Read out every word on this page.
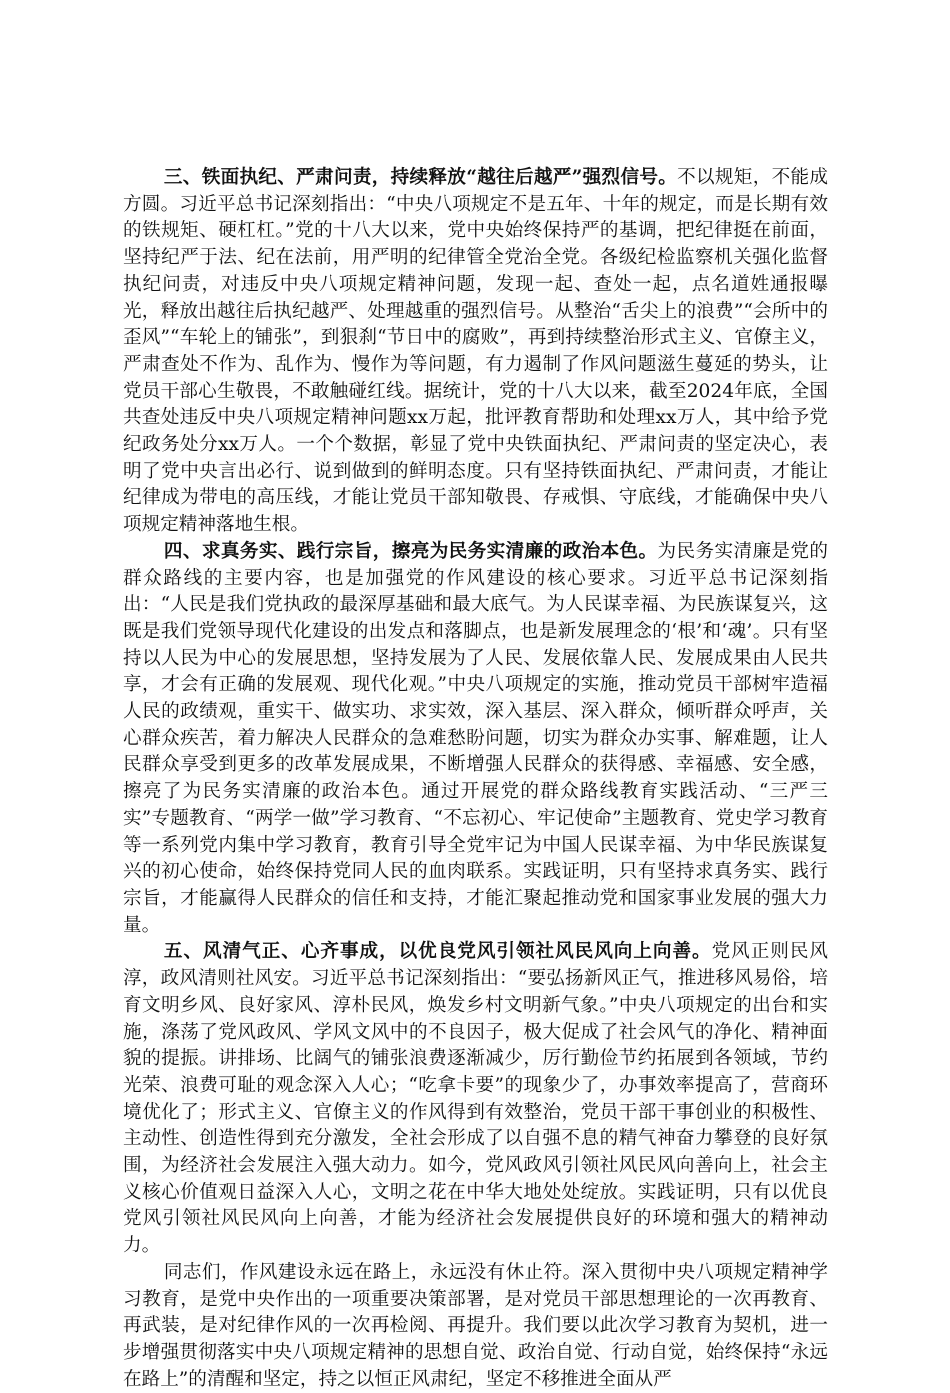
三、铁面执纪、严肃问责，持续释放“越往后越严”强烈信号。不以规矩，不能成方圆。习近平总书记深刻指出：“中央八项规定不是五年、十年的规定，而是长期有效的铁规矩、硬杠杠。”党的十八大以来，党中央始终保持严的基调，把纪律挺在前面，坚持纪严于法、纪在法前，用严明的纪律管全党治全党。各级纪检监察机关强化监督执纪问责，对违反中央八项规定精神问题，发现一起、查处一起，点名道姓通报曝光，释放出越往后执纪越严、处理越重的强烈信号。从整治“舌尖上的浪费”“会所中的歪风”“车轮上的铺张”，到狠刹“节日中的腐败”，再到持续整治形式主义、官僚主义，严肃查处不作为、乱作为、慢作为等问题，有力遏制了作风问题滋生蔓延的势头，让党员干部心生敬畏，不敢触碰红线。据统计，党的十八大以来，截至2024年底，全国共查处违反中央八项规定精神问题xx万起，批评教育帮助和处理xx万人，其中给予党纪政务处分xx万人。一个个数据，彰显了党中央铁面执纪、严肃问责的坚定决心，表明了党中央言出必行、说到做到的鲜明态度。只有坚持铁面执纪、严肃问责，才能让纪律成为带电的高压线，才能让党员干部知敬畏、存戒惧、守底线，才能确保中央八项规定精神落地生根。

四、求真务实、践行宗旨，擦亮为民务实清廉的政治本色。为民务实清廉是党的群众路线的主要内容，也是加强党的作风建设的核心要求。习近平总书记深刻指出：“人民是我们党执政的最深厚基础和最大底气。为人民谋幸福、为民族谋复兴，这既是我们党领导现代化建设的出发点和落脚点，也是新发展理念的‘根’和‘魂’。只有坚持以人民为中心的发展思想，坚持发展为了人民、发展依靠人民、发展成果由人民共享，才会有正确的发展观、现代化观。”中央八项规定的实施，推动党员干部树牢造福人民的政绩观，重实干、做实功、求实效，深入基层、深入群众，倾听群众呼声，关心群众疾苦，着力解决人民群众的急难愁盼问题，切实为群众办实事、解难题，让人民群众享受到更多的改革发展成果，不断增强人民群众的获得感、幸福感、安全感，擦亮了为民务实清廉的政治本色。通过开展党的群众路线教育实践活动、“三严三实”专题教育、“两学一做”学习教育、“不忘初心、牢记使命”主题教育、党史学习教育等一系列党内集中学习教育，教育引导全党牢记为中国人民谋幸福、为中华民族谋复兴的初心使命，始终保持党同人民的血肉联系。实践证明，只有坚持求真务实、践行宗旨，才能赢得人民群众的信任和支持，才能汇聚起推动党和国家事业发展的强大力量。

五、风清气正、心齐事成，以优良党风引领社风民风向上向善。党风正则民风淳，政风清则社风安。习近平总书记深刻指出：“要弘扬新风正气，推进移风易俗，培育文明乡风、良好家风、淳朴民风，焕发乡村文明新气象。”中央八项规定的出台和实施，涤荡了党风政风、学风文风中的不良因子，极大促成了社会风气的净化、精神面貌的提振。讲排场、比阔气的铺张浪费逐渐减少，厉行勤俭节约拓展到各领域，节约光荣、浪费可耻的观念深入人心；“吃拿卡要”的现象少了，办事效率提高了，营商环境优化了；形式主义、官僚主义的作风得到有效整治，党员干部干事创业的积极性、主动性、创造性得到充分激发，全社会形成了以自强不息的精气神奋力攀登的良好氛围，为经济社会发展注入强大动力。如今，党风政风引领社风民风向善向上，社会主义核心价值观日益深入人心，文明之花在中华大地处处绽放。实践证明，只有以优良党风引领社风民风向上向善，才能为经济社会发展提供良好的环境和强大的精神动力。

同志们，作风建设永远在路上，永远没有休止符。深入贯彻中央八项规定精神学习教育，是党中央作出的一项重要决策部署，是对党员干部思想理论的一次再教育、再武装，是对纪律作风的一次再检阅、再提升。我们要以此次学习教育为契机，进一步增强贯彻落实中央八项规定精神的思想自觉、政治自觉、行动自觉，始终保持“永远在路上”的清醒和坚定，持之以恒正风肃纪，坚定不移推进全面从严
